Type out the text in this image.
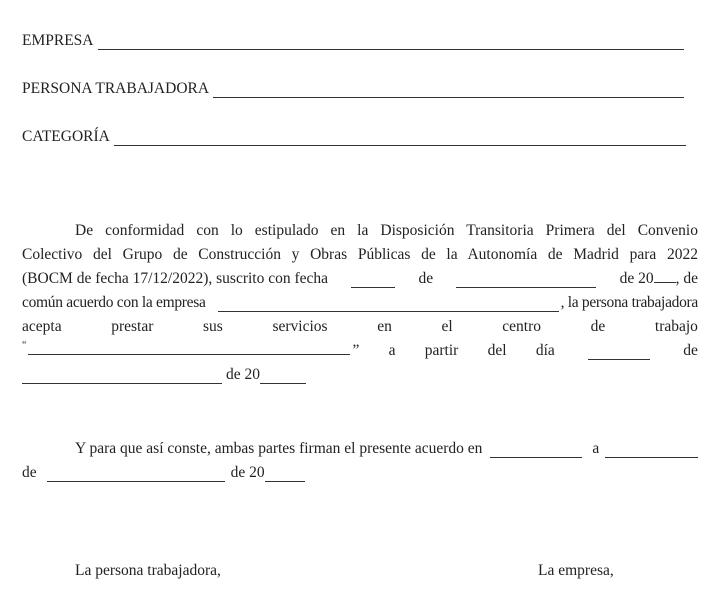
EMPRESA
PERSONA TRABAJADORA
CATEGORÍA
De conformidad con lo estipulado en la Disposición Transitoria Primera del Convenio
Colectivo del Grupo de Construcción y Obras Públicas de la Autonomía de Madrid para 2022
(BOCM de fecha 17/12/2022), suscrito con fecha	de	de 20 , de
común acuerdo con la empresa	, la persona trabajadora
acepta	prestar	sus	servicios	en	el	centro	de	trabajo
“	” a partir del día	de
de 20
Y para que así conste, ambas partes firman el presente acuerdo en	a
de	de 20
La persona trabajadora,	La empresa,
